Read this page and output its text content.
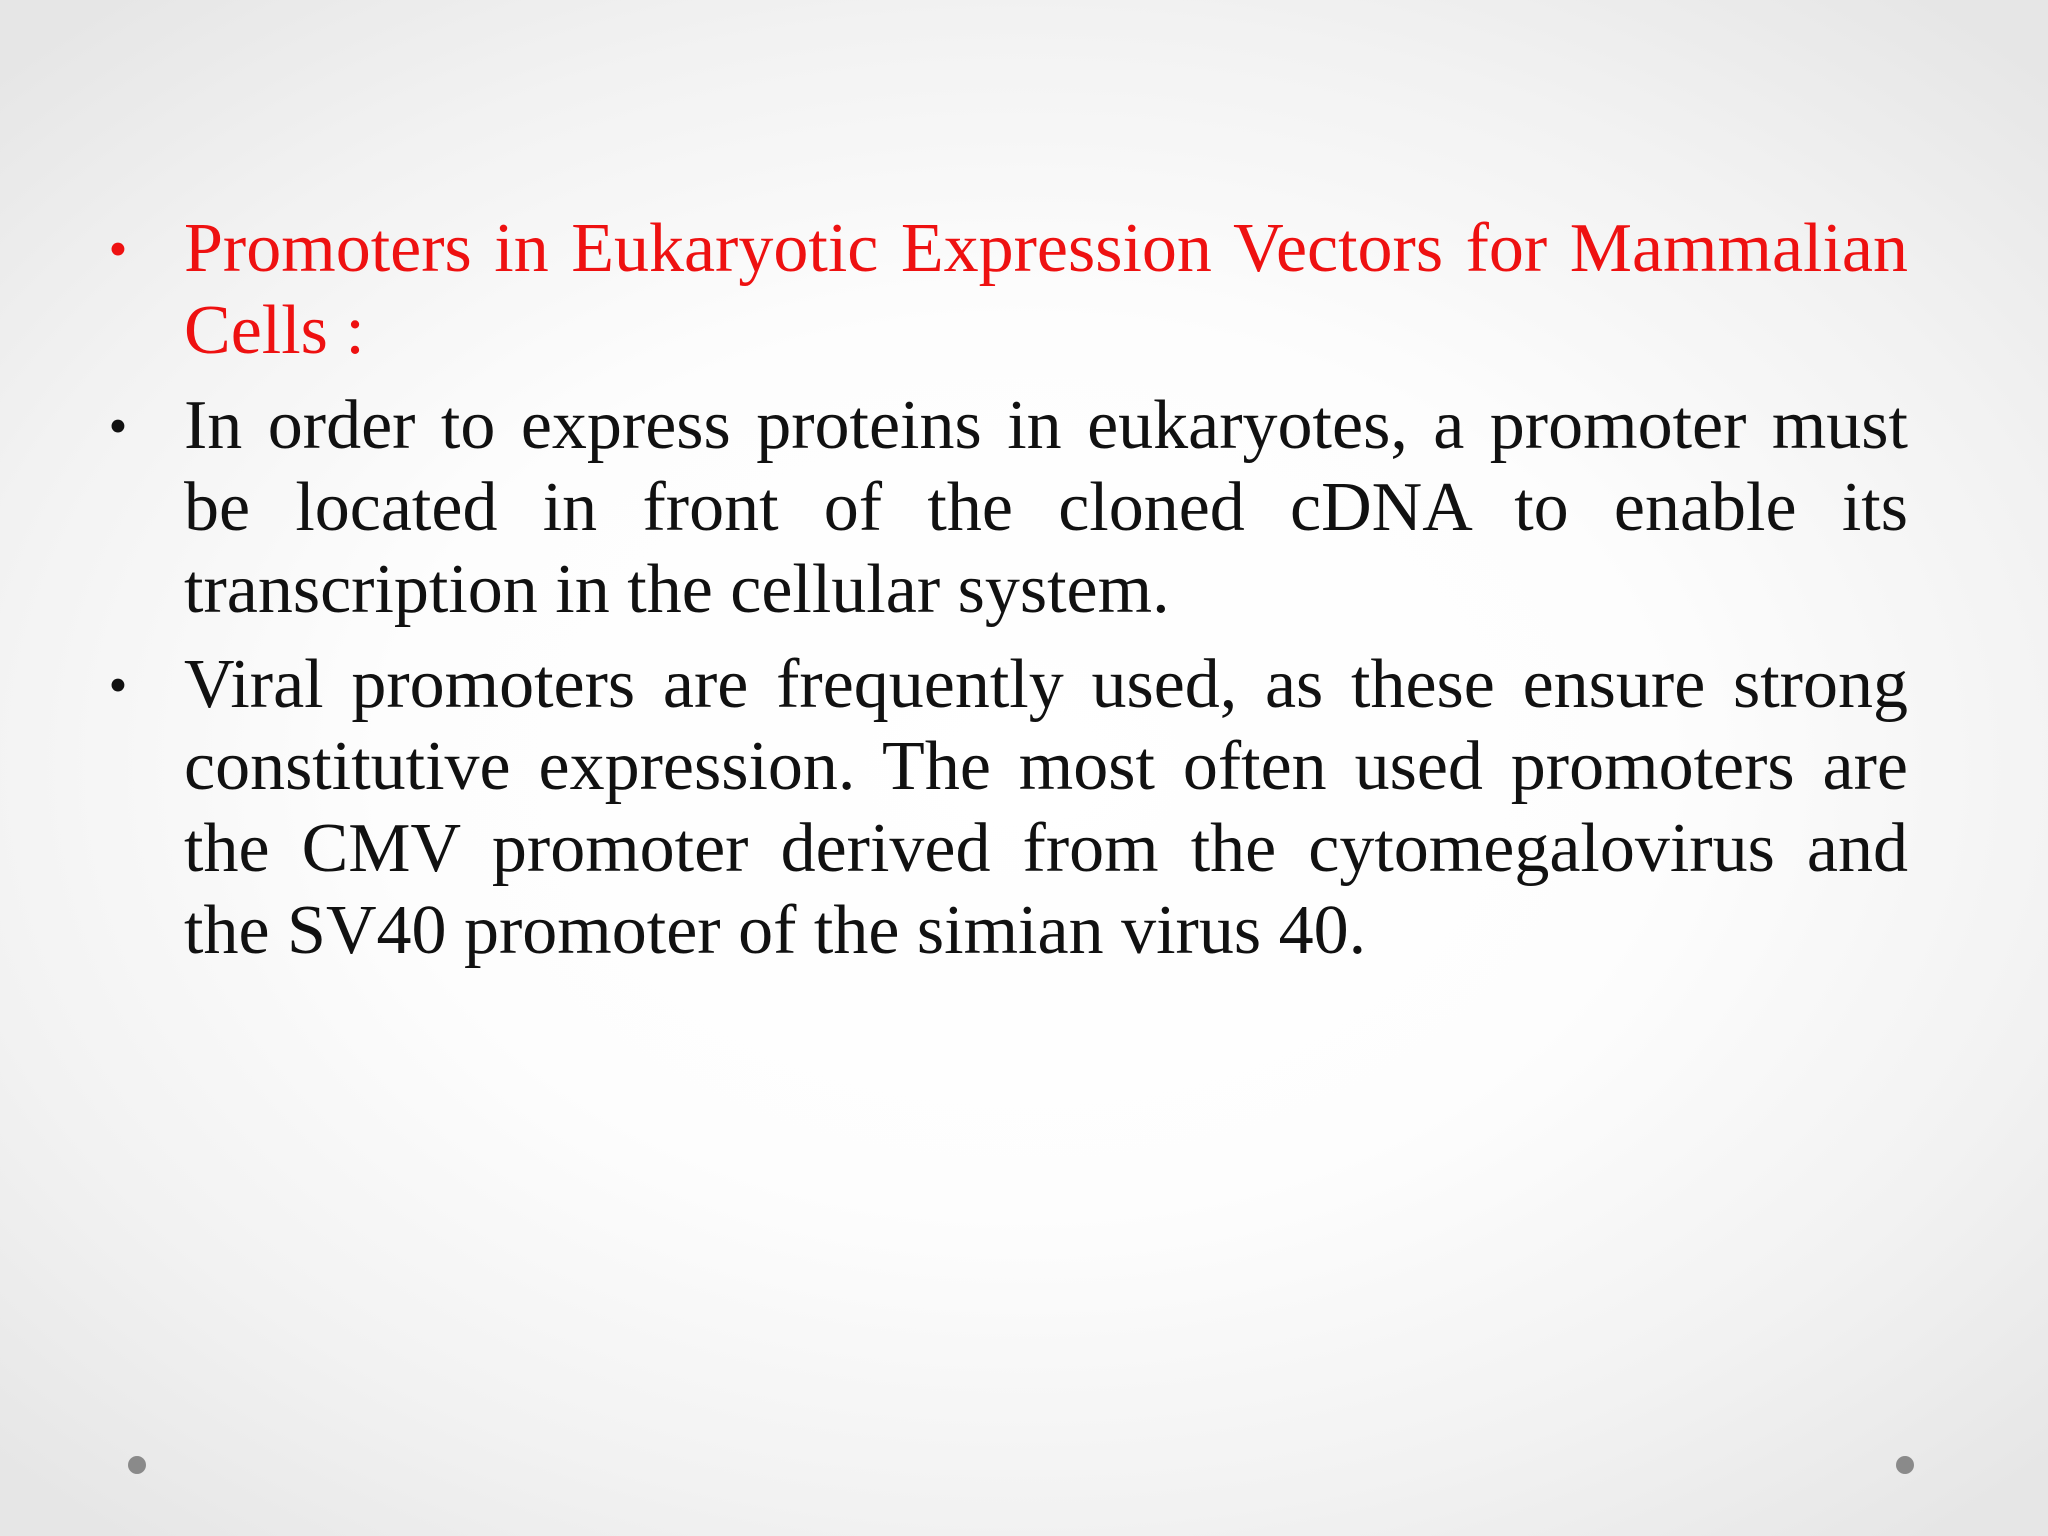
• Promoters in Eukaryotic Expression Vectors for Mammalian Cells :
• In order to express proteins in eukaryotes, a promoter must be located in front of the cloned cDNA to enable its transcription in the cellular system.
• Viral promoters are frequently used, as these ensure strong constitutive expression. The most often used promoters are the CMV promoter derived from the cytomegalovirus and the SV40 promoter of the simian virus 40.
